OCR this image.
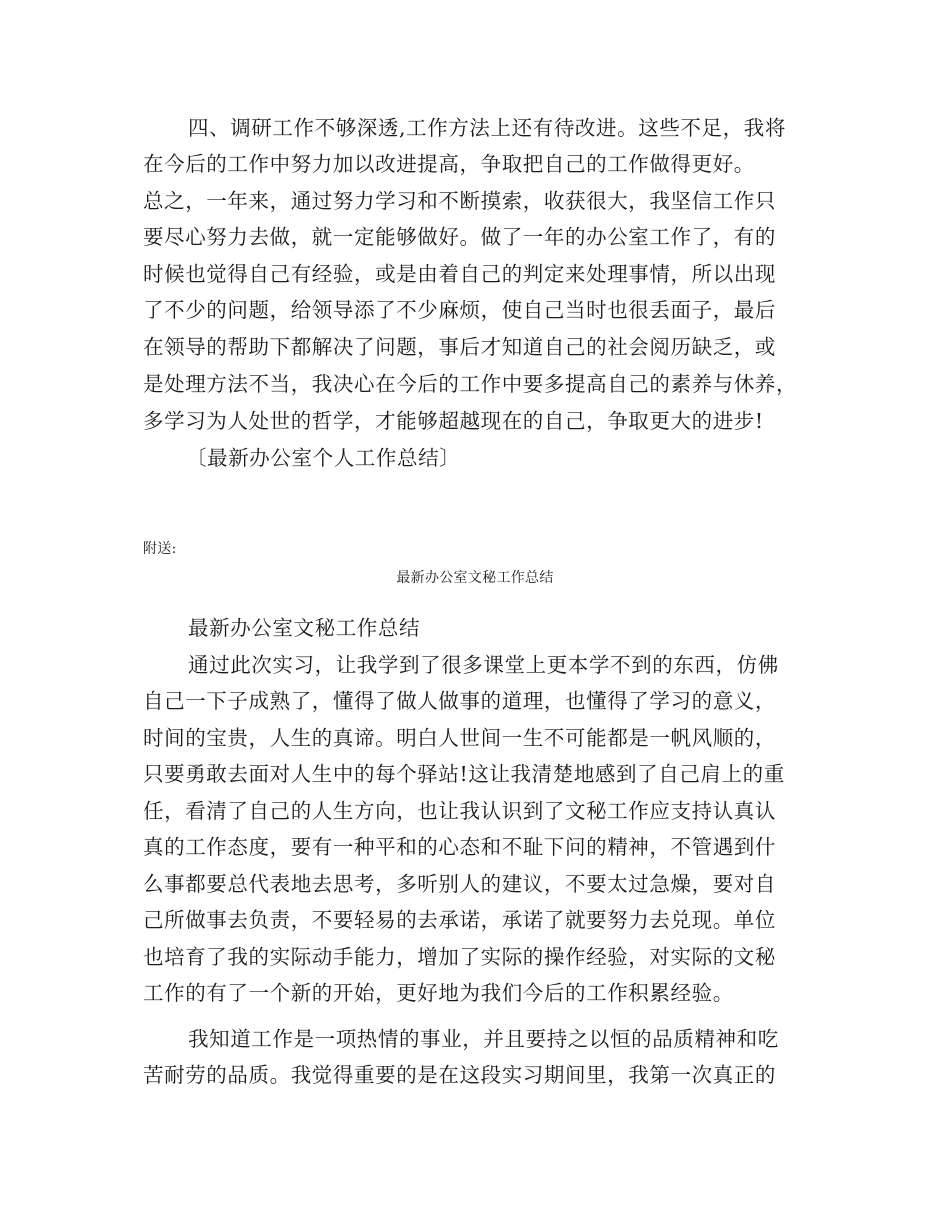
四、调研工作不够深透,工作方法上还有待改进。这些不足，我将
在今后的工作中努力加以改进提高，争取把自己的工作做得更好。
总之，一年来，通过努力学习和不断摸索，收获很大，我坚信工作只
要尽心努力去做，就一定能够做好。做了一年的办公室工作了，有的
时候也觉得自己有经验，或是由着自己的判定来处理事情，所以出现
了不少的问题，给领导添了不少麻烦，使自己当时也很丢面子，最后
在领导的帮助下都解决了问题，事后才知道自己的社会阅历缺乏，或
是处理方法不当，我决心在今后的工作中要多提高自己的素养与休养，
多学习为人处世的哲学，才能够超越现在的自己，争取更大的进步!
〔最新办公室个人工作总结〕
附送:
最新办公室文秘工作总结
最新办公室文秘工作总结
通过此次实习，让我学到了很多课堂上更本学不到的东西，仿佛
自己一下子成熟了，懂得了做人做事的道理，也懂得了学习的意义，
时间的宝贵，人生的真谛。明白人世间一生不可能都是一帆风顺的，
只要勇敢去面对人生中的每个驿站!这让我清楚地感到了自己肩上的重
任，看清了自己的人生方向，也让我认识到了文秘工作应支持认真认
真的工作态度，要有一种平和的心态和不耻下问的精神，不管遇到什
么事都要总代表地去思考，多听别人的建议，不要太过急燥，要对自
己所做事去负责，不要轻易的去承诺，承诺了就要努力去兑现。单位
也培育了我的实际动手能力，增加了实际的操作经验，对实际的文秘
工作的有了一个新的开始，更好地为我们今后的工作积累经验。
我知道工作是一项热情的事业，并且要持之以恒的品质精神和吃
苦耐劳的品质。我觉得重要的是在这段实习期间里，我第一次真正的
